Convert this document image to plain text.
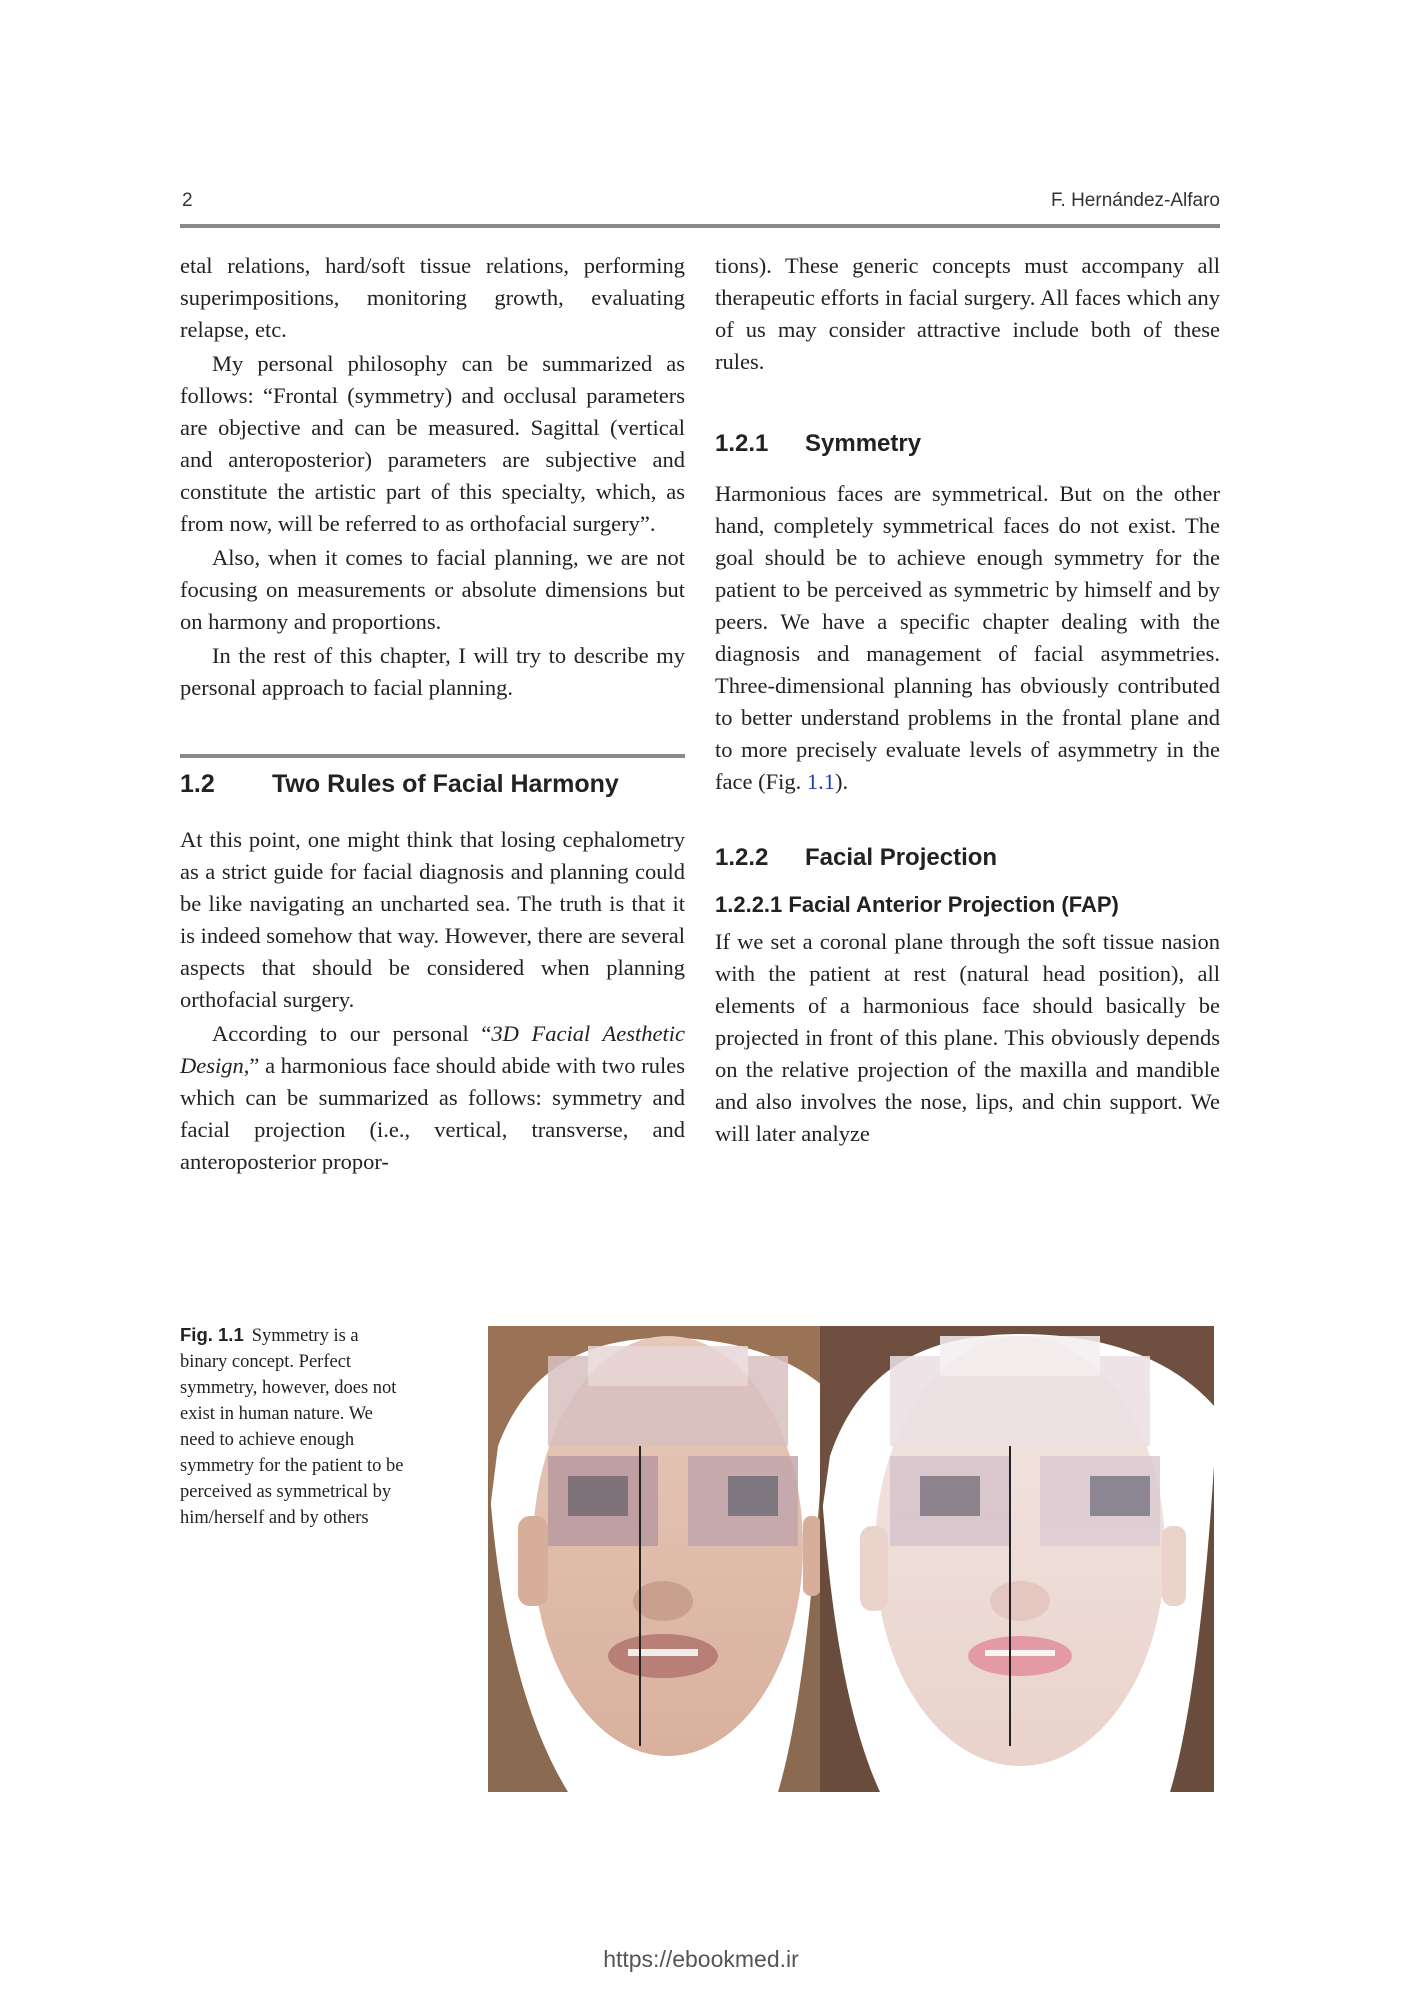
2	F. Hernández-Alfaro

etal relations, hard/soft tissue relations, performing superimpositions, monitoring growth, evaluating relapse, etc.

My personal philosophy can be summarized as follows: “Frontal (symmetry) and occlusal parameters are objective and can be measured. Sagittal (vertical and anteroposterior) parameters are subjective and constitute the artistic part of this specialty, which, as from now, will be referred to as orthofacial surgery”.

Also, when it comes to facial planning, we are not focusing on measurements or absolute dimensions but on harmony and proportions.

In the rest of this chapter, I will try to describe my personal approach to facial planning.

1.2 Two Rules of Facial Harmony

At this point, one might think that losing cephalometry as a strict guide for facial diagnosis and planning could be like navigating an uncharted sea. The truth is that it is indeed somehow that way. However, there are several aspects that should be considered when planning orthofacial surgery.

According to our personal “3D Facial Aesthetic Design,” a harmonious face should abide with two rules which can be summarized as follows: symmetry and facial projection (i.e., vertical, transverse, and anteroposterior propor-

tions). These generic concepts must accompany all therapeutic efforts in facial surgery. All faces which any of us may consider attractive include both of these rules.

1.2.1 Symmetry

Harmonious faces are symmetrical. But on the other hand, completely symmetrical faces do not exist. The goal should be to achieve enough symmetry for the patient to be perceived as symmetric by himself and by peers. We have a specific chapter dealing with the diagnosis and management of facial asymmetries. Three-dimensional planning has obviously contributed to better understand problems in the frontal plane and to more precisely evaluate levels of asymmetry in the face (Fig. 1.1).

1.2.2 Facial Projection
1.2.2.1 Facial Anterior Projection (FAP)

If we set a coronal plane through the soft tissue nasion with the patient at rest (natural head position), all elements of a harmonious face should basically be projected in front of this plane. This obviously depends on the relative projection of the maxilla and mandible and also involves the nose, lips, and chin support. We will later analyze

Fig. 1.1 Symmetry is a binary concept. Perfect symmetry, however, does not exist in human nature. We need to achieve enough symmetry for the patient to be perceived as symmetrical by him/herself and by others
https://ebookmed.ir
